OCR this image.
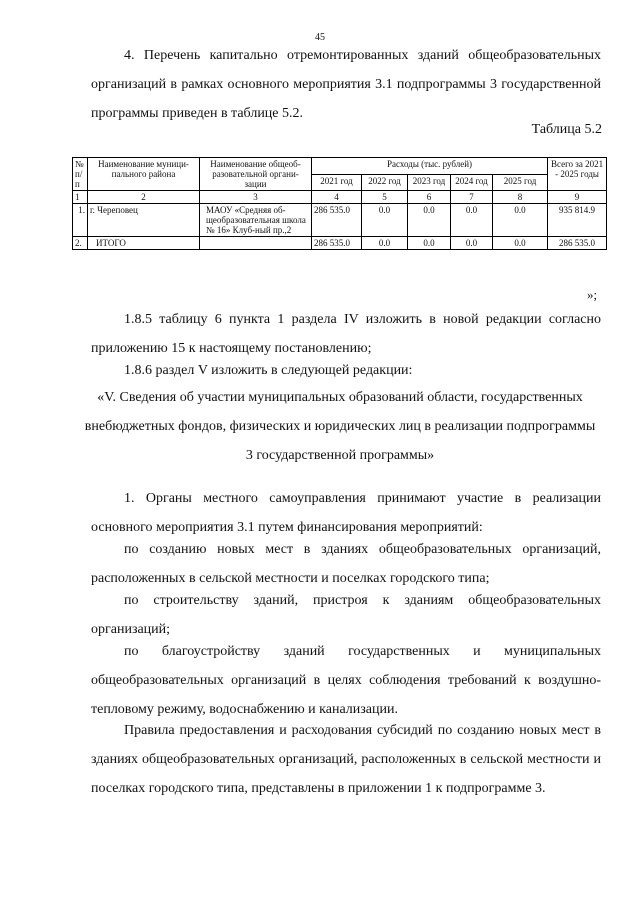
45
4. Перечень капитально отремонтированных зданий общеобразовательных организаций в рамках основного мероприятия 3.1 подпрограммы 3 государственной программы приведен в таблице 5.2.
Таблица 5.2
№ п/п	Наименование муници-пального района	Наименование общеоб-разовательной органи-зации	Расходы (тыс. рублей)					Всего за 2021 - 2025 годы
			2021 год	2022 год	2023 год	2024 год	2025 год	
1	2	3	4	5	6	7	8	9
1.	г. Череповец	МАОУ «Средняя об-щеобразовательная школа № 16» Клуб-ный пр.,2	286 535.0	0.0	0.0	0.0	0.0	935 814.9
2.	ИТОГО		286 535.0	0.0	0.0	0.0	0.0	286 535.0
»;
1.8.5 таблицу 6 пункта 1 раздела IV изложить в новой редакции согласно приложению 15 к настоящему постановлению;
1.8.6 раздел V изложить в следующей редакции:
«V. Сведения об участии муниципальных образований области, государственных внебюджетных фондов, физических и юридических лиц в реализации подпрограммы 3 государственной программы»
1. Органы местного самоуправления принимают участие в реализации основного мероприятия 3.1 путем финансирования мероприятий:
по созданию новых мест в зданиях общеобразовательных организаций, расположенных в сельской местности и поселках городского типа;
по строительству зданий, пристроя к зданиям общеобразовательных организаций;
по благоустройству зданий государственных и муниципальных общеобразовательных организаций в целях соблюдения требований к воздушно-тепловому режиму, водоснабжению и канализации.
Правила предоставления и расходования субсидий по созданию новых мест в зданиях общеобразовательных организаций, расположенных в сельской местности и поселках городского типа, представлены в приложении 1 к подпрограмме 3.
